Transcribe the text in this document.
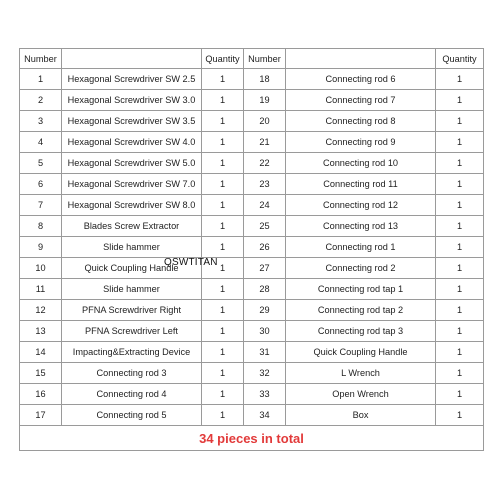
Number		Quantity	Number		Quantity
1	Hexagonal Screwdriver SW 2.5	1	18	Connecting rod 6	1
2	Hexagonal Screwdriver SW 3.0	1	19	Connecting rod 7	1
3	Hexagonal Screwdriver SW 3.5	1	20	Connecting rod 8	1
4	Hexagonal Screwdriver SW 4.0	1	21	Connecting rod 9	1
5	Hexagonal Screwdriver SW 5.0	1	22	Connecting rod 10	1
6	Hexagonal Screwdriver SW 7.0	1	23	Connecting rod 11	1
7	Hexagonal Screwdriver SW 8.0	1	24	Connecting rod 12	1
8	Blades Screw Extractor	1	25	Connecting rod 13	1
9	Slide hammer	1	26	Connecting rod 1	1
10	Quick Coupling Handle	1	27	Connecting rod 2	1
11	Slide hammer	1	28	Connecting rod tap 1	1
12	PFNA Screwdriver Right	1	29	Connecting rod tap 2	1
13	PFNA Screwdriver Left	1	30	Connecting rod tap 3	1
14	Impacting&Extracting Device	1	31	Quick Coupling Handle	1
15	Connecting rod 3	1	32	L Wrench	1
16	Connecting rod 4	1	33	Open Wrench	1
17	Connecting rod 5	1	34	Box	1
34 pieces in total					
QSWTITAN
